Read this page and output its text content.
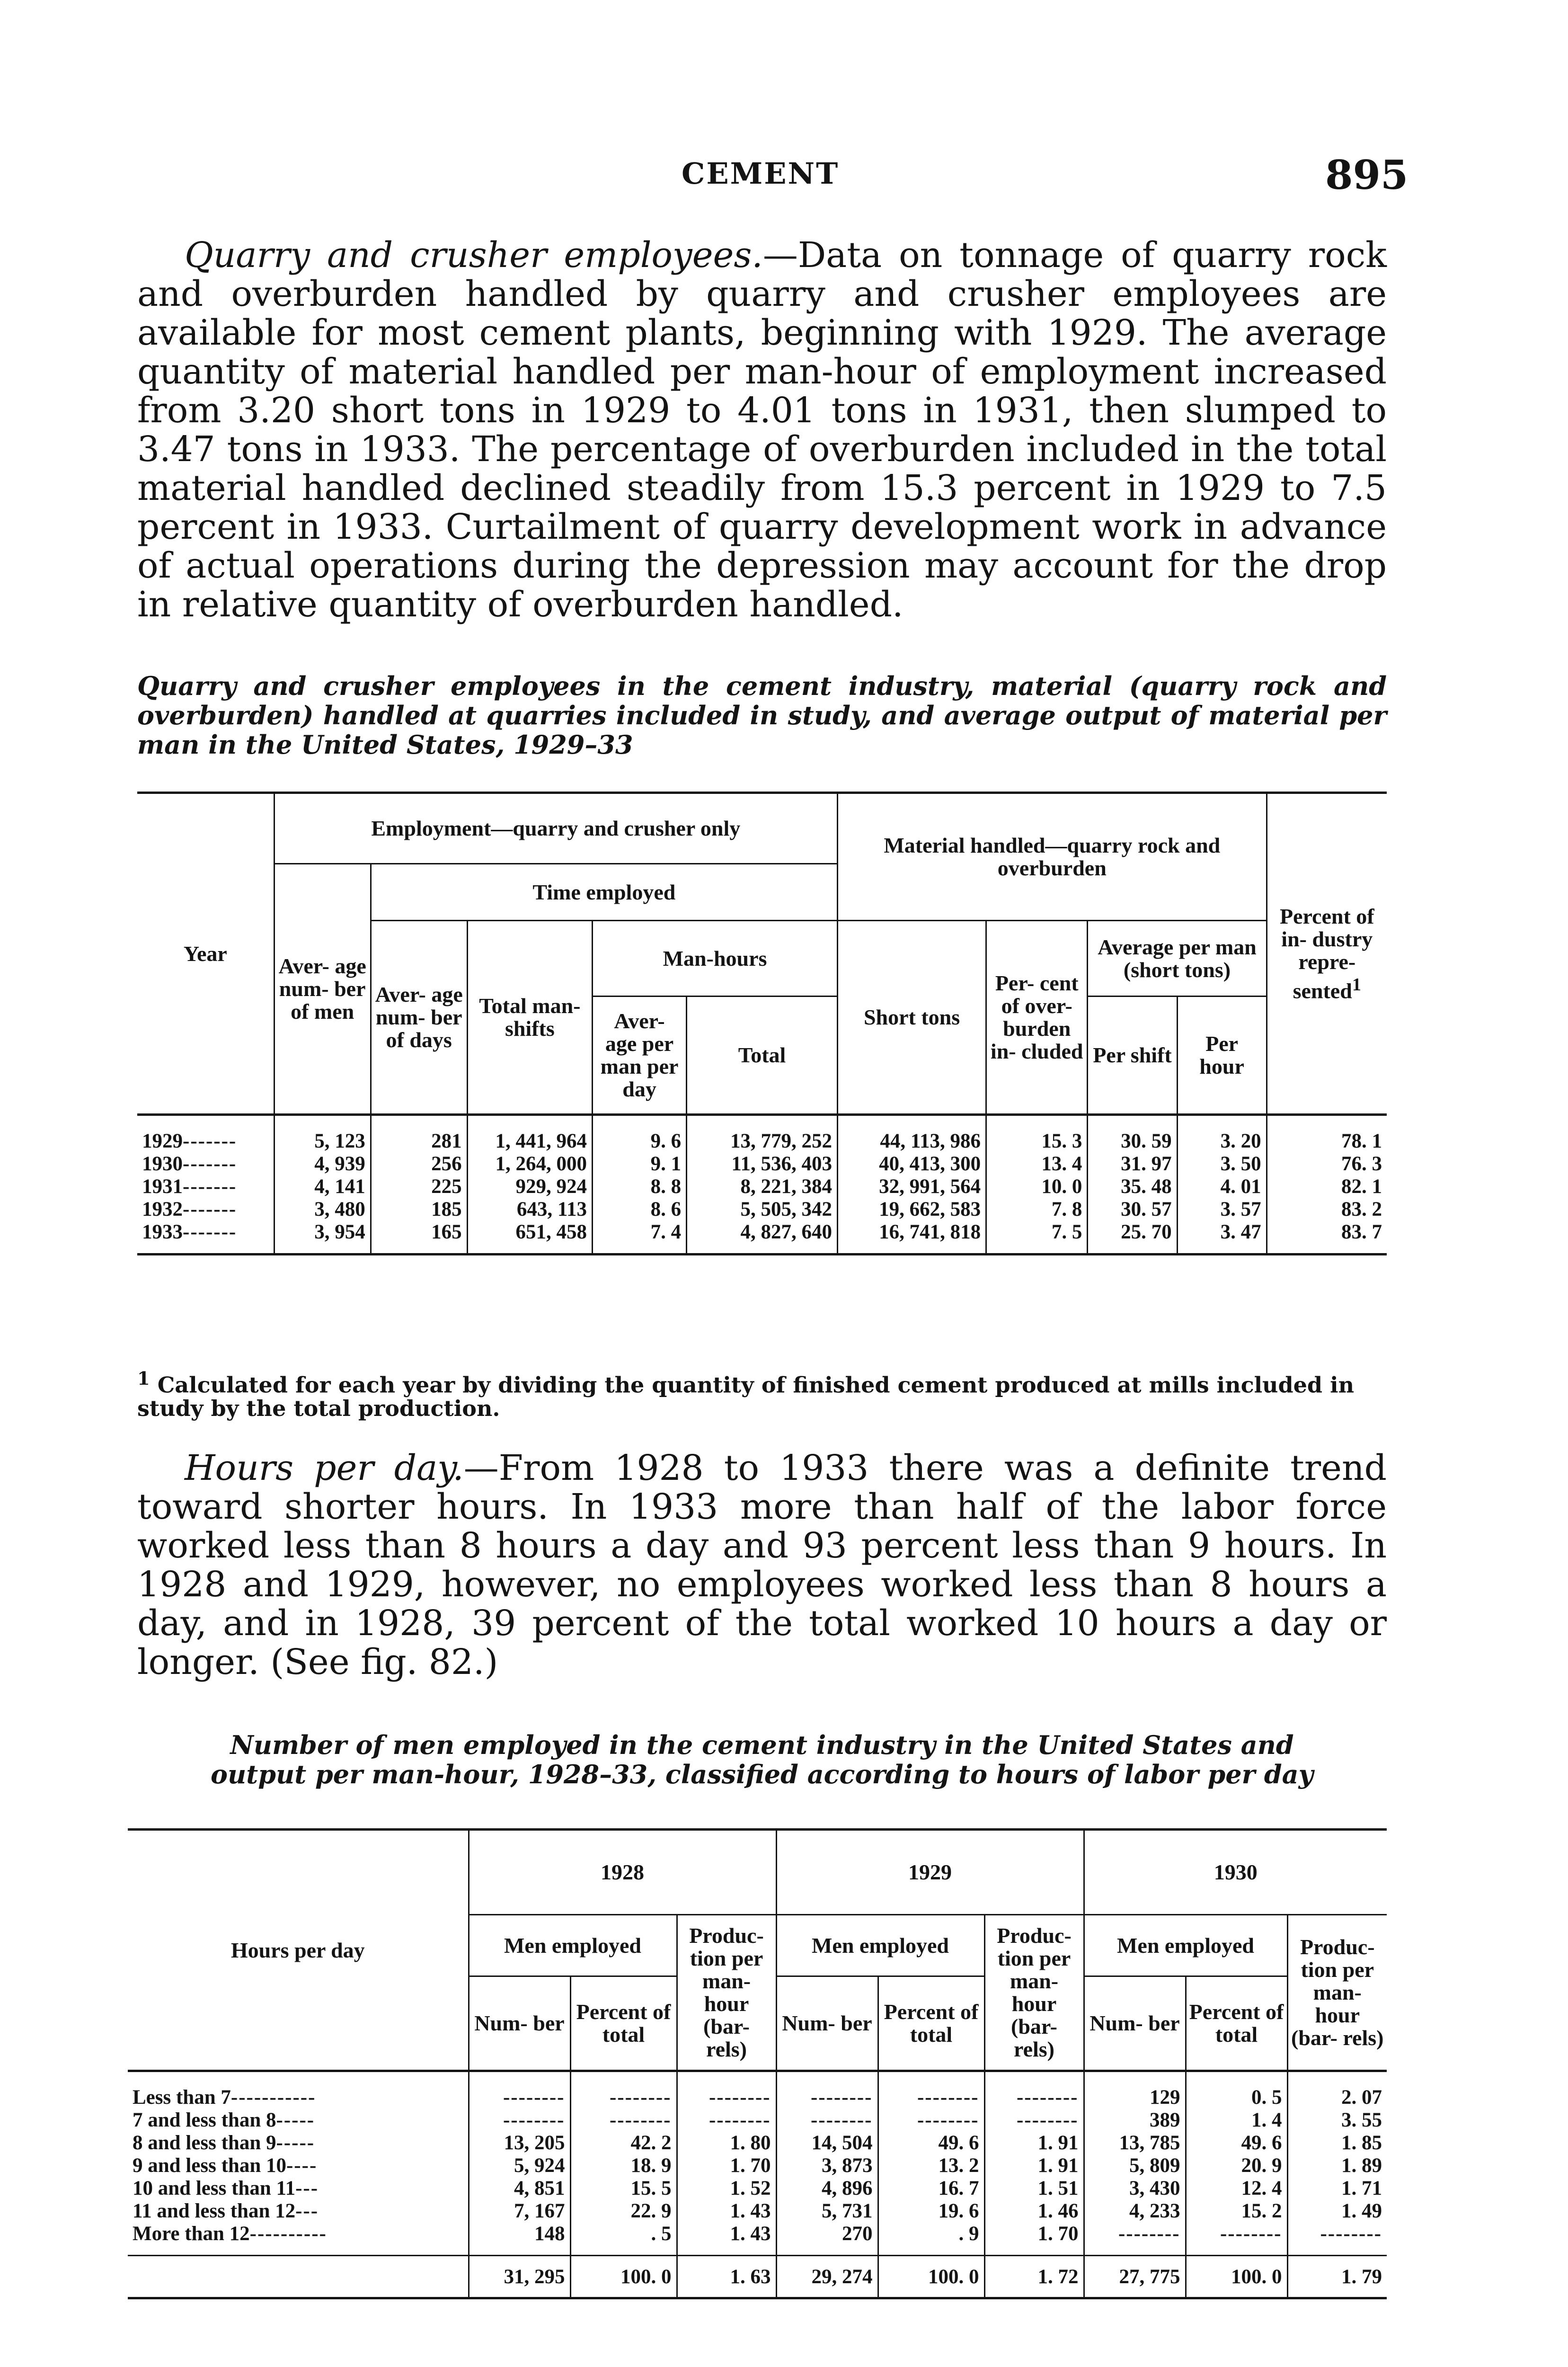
CEMENT	895

Quarry and crusher employees.—Data on tonnage of quarry rock and overburden handled by quarry and crusher employees are available for most cement plants, beginning with 1929. The average quantity of material handled per man-hour of employment increased from 3.20 short tons in 1929 to 4.01 tons in 1931, then slumped to 3.47 tons in 1933. The percentage of overburden included in the total material handled declined steadily from 15.3 percent in 1929 to 7.5 percent in 1933. Curtailment of quarry development work in advance of actual operations during the depression may account for the drop in relative quantity of overburden handled.

Quarry and crusher employees in the cement industry, material (quarry rock and overburden) handled at quarries included in study, and average output of material per man in the United States, 1929–33

Year	Employment—quarry and crusher only					Material handled—quarry rock and overburden				Percent of in- dustry repre- sented$^1$
	Aver- age num- ber of men	Time employed								
		Aver- age num- ber of days	Total man- shifts	Man-hours		Short tons	Per- cent of over- burden in- cluded	Average per man (short tons)		
				Aver- age per man per day	Total			Per shift	Per hour	
1929-------	5, 123	281	1, 441, 964	9. 6	13, 779, 252	44, 113, 986	15. 3	30. 59	3. 20	78. 1
1930-------	4, 939	256	1, 264, 000	9. 1	11, 536, 403	40, 413, 300	13. 4	31. 97	3. 50	76. 3
1931-------	4, 141	225	929, 924	8. 8	8, 221, 384	32, 991, 564	10. 0	35. 48	4. 01	82. 1
1932-------	3, 480	185	643, 113	8. 6	5, 505, 342	19, 662, 583	7. 8	30. 57	3. 57	83. 2
1933-------	3, 954	165	651, 458	7. 4	4, 827, 640	16, 741, 818	7. 5	25. 70	3. 47	83. 7

$^1$ Calculated for each year by dividing the quantity of finished cement produced at mills included in study by the total production.

Hours per day.—From 1928 to 1933 there was a definite trend toward shorter hours. In 1933 more than half of the labor force worked less than 8 hours a day and 93 percent less than 9 hours. In 1928 and 1929, however, no employees worked less than 8 hours a day, and in 1928, 39 percent of the total worked 10 hours a day or longer. (See fig. 82.)

Number of men employed in the cement industry in the United States and output per man-hour, 1928–33, classified according to hours of labor per day

Hours per day	1928			1929			1930		
	Men employed		Produc- tion per man- hour (bar- rels)	Men employed		Produc- tion per man- hour (bar- rels)	Men employed		Produc- tion per man- hour (bar- rels)
	Num- ber	Percent of total		Num- ber	Percent of total		Num- ber	Percent of total	
Less than 7-----------	--------	--------	--------	--------	--------	--------	129	0. 5	2. 07
7 and less than 8-----	--------	--------	--------	--------	--------	--------	389	1. 4	3. 55
8 and less than 9-----	13, 205	42. 2	1. 80	14, 504	49. 6	1. 91	13, 785	49. 6	1. 85
9 and less than 10----	5, 924	18. 9	1. 70	3, 873	13. 2	1. 91	5, 809	20. 9	1. 89
10 and less than 11---	4, 851	15. 5	1. 52	4, 896	16. 7	1. 51	3, 430	12. 4	1. 71
11 and less than 12---	7, 167	22. 9	1. 43	5, 731	19. 6	1. 46	4, 233	15. 2	1. 49
More than 12----------	148	. 5	1. 43	270	. 9	1. 70	--------	--------	--------
	31, 295	100. 0	1. 63	29, 274	100. 0	1. 72	27, 775	100. 0	1. 79
